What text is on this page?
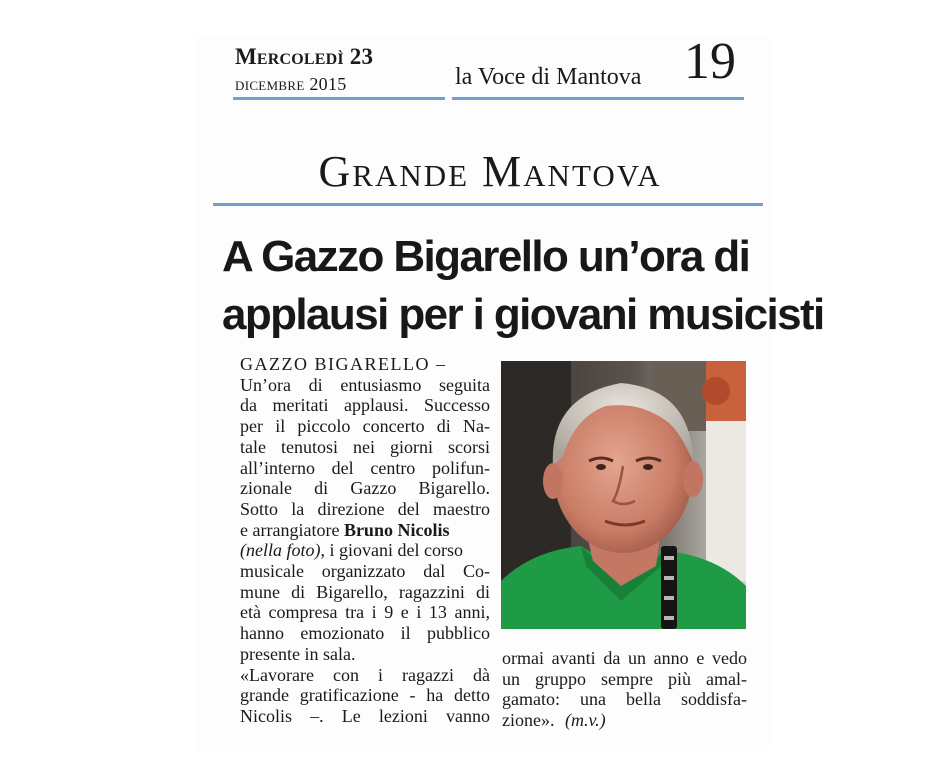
Mercoledì 23
dicembre 2015	la Voce di Mantova 19
Grande Mantova
A Gazzo Bigarello un’ora di
applausi per i giovani musicisti
GAZZO BIGARELLO –
Un’ora di entusiasmo seguita
da meritati applausi. Successo
per il piccolo concerto di Na-
tale tenutosi nei giorni scorsi
all’interno del centro polifun-
zionale di Gazzo Bigarello.
Sotto la direzione del maestro
e arrangiatore Bruno Nicolis
(nella foto), i giovani del corso
musicale organizzato dal Co-
mune di Bigarello, ragazzini di
età compresa tra i 9 e i 13 anni,
hanno emozionato il pubblico
presente in sala.
«Lavorare con i ragazzi dà
grande gratificazione - ha detto
Nicolis –. Le lezioni vanno
ormai avanti da un anno e vedo
un gruppo sempre più amal-
gamato: una bella soddisfa-
zione». (m.v.)
